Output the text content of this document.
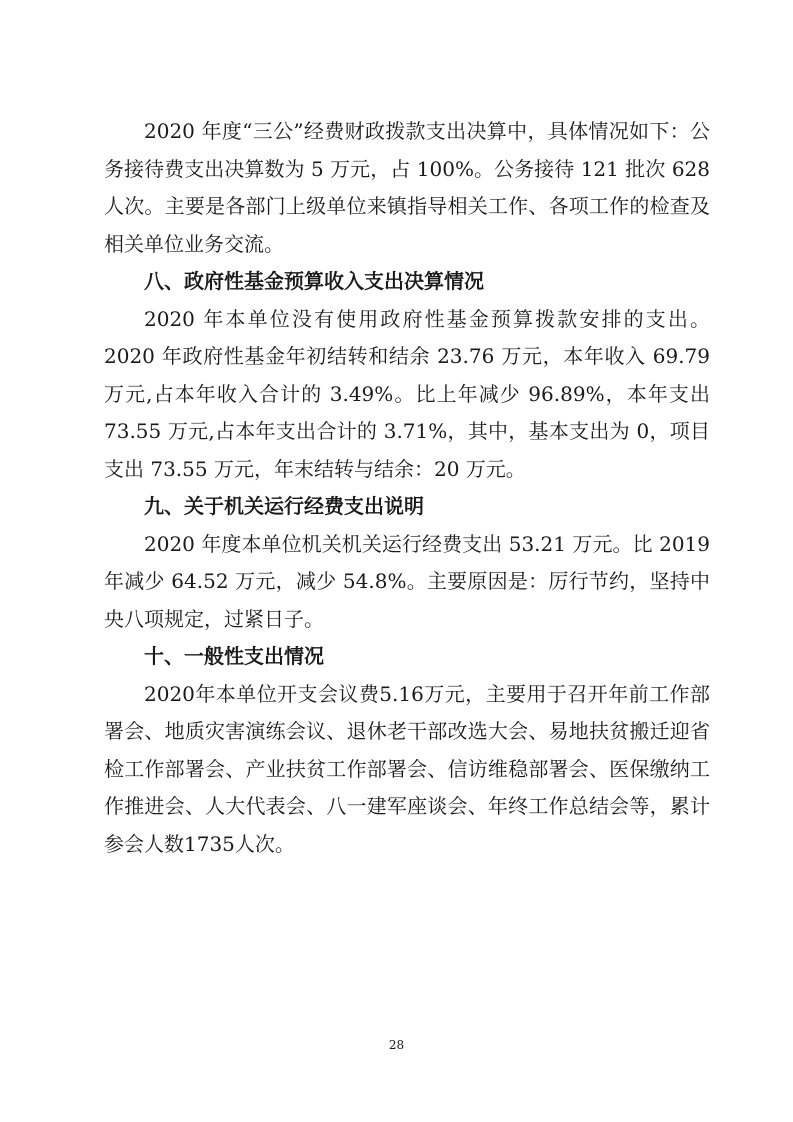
2020 年度“三公”经费财政拨款支出决算中，具体情况如下：公务接待费支出决算数为 5 万元，占 100%。公务接待 121 批次 628 人次。主要是各部门上级单位来镇指导相关工作、各项工作的检查及相关单位业务交流。

八、政府性基金预算收入支出决算情况

2020 年本单位没有使用政府性基金预算拨款安排的支出。2020 年政府性基金年初结转和结余 23.76 万元，本年收入 69.79 万元,占本年收入合计的 3.49%。比上年减少 96.89%，本年支出 73.55 万元,占本年支出合计的 3.71%，其中，基本支出为 0，项目支出 73.55 万元，年末结转与结余：20 万元。

九、关于机关运行经费支出说明

2020 年度本单位机关机关运行经费支出 53.21 万元。比 2019 年减少 64.52 万元，减少 54.8%。主要原因是：厉行节约，坚持中央八项规定，过紧日子。

十、一般性支出情况

2020年本单位开支会议费5.16万元，主要用于召开年前工作部署会、地质灾害演练会议、退休老干部改选大会、易地扶贫搬迁迎省检工作部署会、产业扶贫工作部署会、信访维稳部署会、医保缴纳工作推进会、人大代表会、八一建军座谈会、年终工作总结会等，累计参会人数1735人次。

28
